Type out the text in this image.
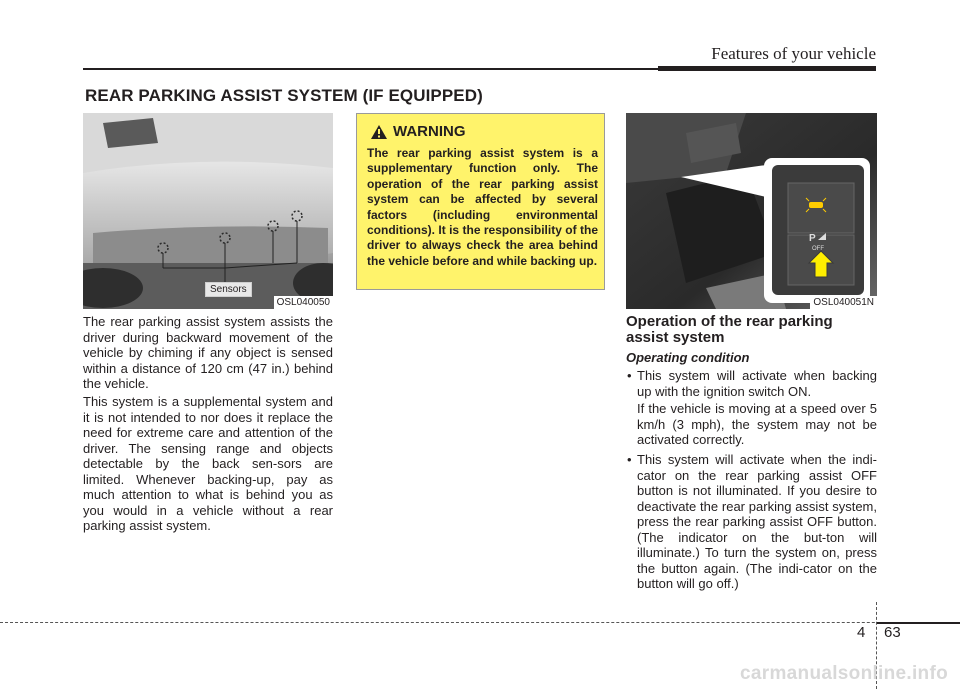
Features of your vehicle
REAR PARKING ASSIST SYSTEM (IF EQUIPPED)
OSL040050
Sensors
WARNING
The rear parking assist system is a supplementary function only. The operation of the rear parking assist system can be affected by several factors (including environmental conditions). It is the responsibility of the driver to always check the area behind the vehicle before and while backing up.
P
OFF
OSL040051N
The rear parking assist system assists the driver during backward movement of the vehicle by chiming if any object is sensed within a distance of 120 cm (47 in.) behind the vehicle.
This system is a supplemental system and it is not intended to nor does it replace the need for extreme care and attention of the driver. The sensing range and objects detectable by the back sen-sors are limited. Whenever backing-up, pay as much attention to what is behind you as you would in a vehicle without a rear parking assist system.
Operation of the rear parking assist system
Operating condition
• This system will activate when backing up with the ignition switch ON.
If the vehicle is moving at a speed over 5 km/h (3 mph), the system may not be activated correctly.
• This system will activate when the indi-cator on the rear parking assist OFF button is not illuminated. If you desire to deactivate the rear parking assist system, press the rear parking assist OFF button. (The indicator on the but-ton will illuminate.) To turn the system on, press the button again. (The indi-cator on the button will go off.)
4 63
carmanualsonline.info
